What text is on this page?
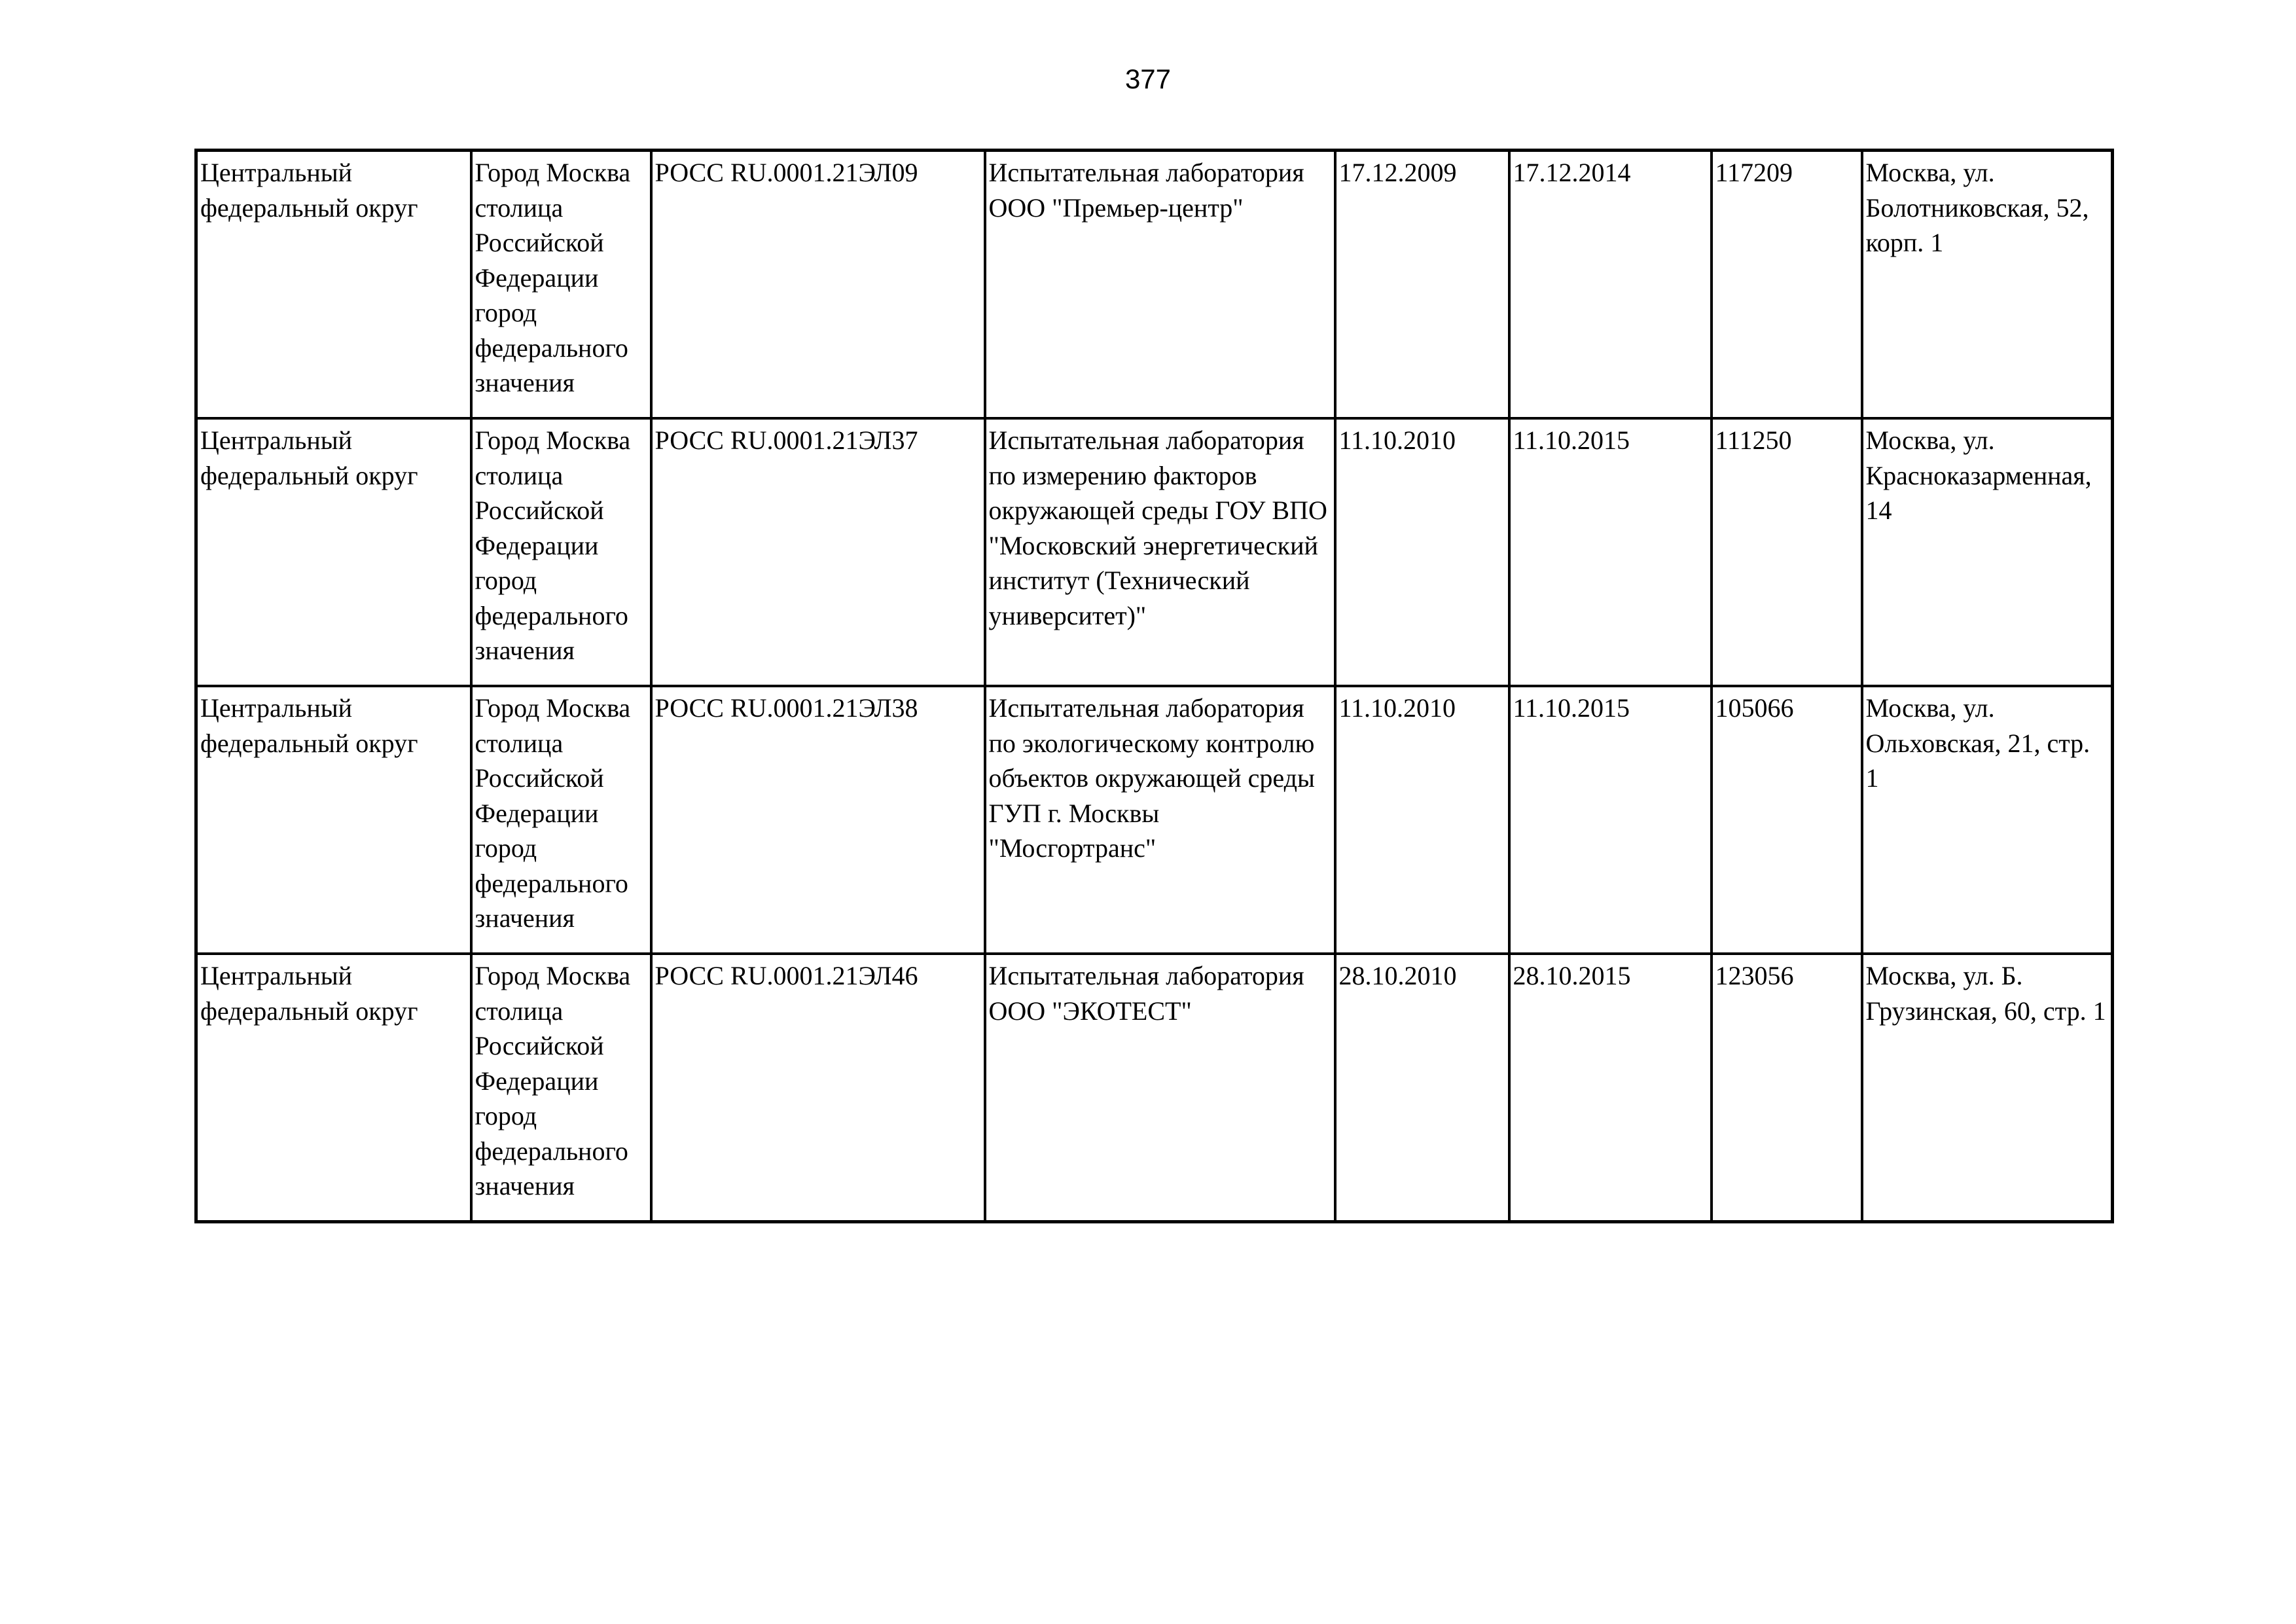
377
Центральный федеральный округ	Город Москва столица Российской Федерации город федерального значения	РОСС RU.0001.21ЭЛ09	Испытательная лаборатория ООО "Премьер-центр"	17.12.2009	17.12.2014	117209	Москва, ул. Болотниковская, 52, корп. 1

Центральный федеральный округ	Город Москва столица Российской Федерации город федерального значения	РОСС RU.0001.21ЭЛ37	Испытательная лаборатория по измерению факторов окружающей среды ГОУ ВПО "Московский энергетический институт (Технический университет)"	11.10.2010	11.10.2015	111250	Москва, ул. Красноказарменная, 14

Центральный федеральный округ	Город Москва столица Российской Федерации город федерального значения	РОСС RU.0001.21ЭЛ38	Испытательная лаборатория по экологическому контролю объектов окружающей среды ГУП г. Москвы "Мосгортранс"	11.10.2010	11.10.2015	105066	Москва, ул. Ольховская, 21, стр. 1

Центральный федеральный округ	Город Москва столица Российской Федерации город федерального значения	РОСС RU.0001.21ЭЛ46	Испытательная лаборатория ООО "ЭКОТЕСТ"	28.10.2010	28.10.2015	123056	Москва, ул. Б. Грузинская, 60, стр. 1
